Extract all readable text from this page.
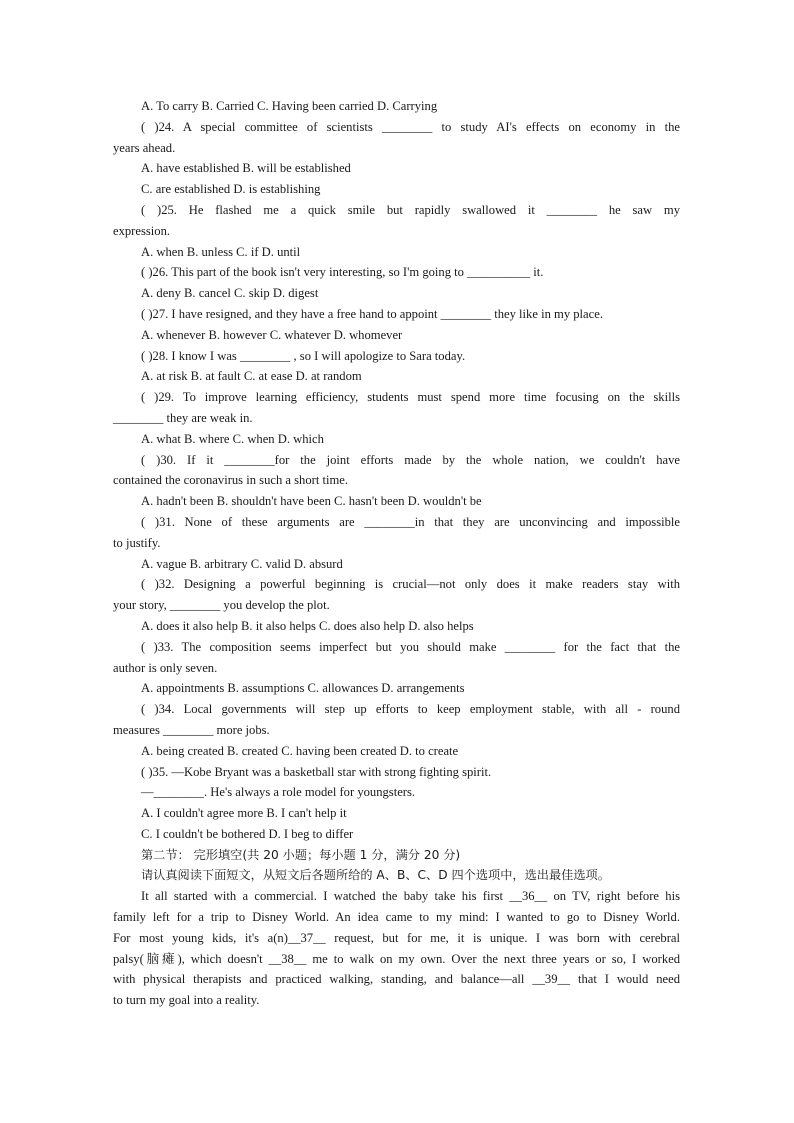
A. To carry B. Carried C. Having been carried D. Carrying
( )24. A special committee of scientists ________ to study AI's effects on economy in the
years ahead.
A. have established B. will be established
C. are established D. is establishing
( )25. He flashed me a quick smile but rapidly swallowed it ________ he saw my
expression.
A. when B. unless C. if D. until
( )26. This part of the book isn't very interesting, so I'm going to __________ it.
A. deny B. cancel C. skip D. digest
( )27. I have resigned, and they have a free hand to appoint ________ they like in my place.
A. whenever B. however C. whatever D. whomever
( )28. I know I was ________ , so I will apologize to Sara today.
A. at risk B. at fault C. at ease D. at random
( )29. To improve learning efficiency, students must spend more time focusing on the skills
________ they are weak in.
A. what B. where C. when D. which
( )30. If it ________for the joint efforts made by the whole nation, we couldn't have
contained the coronavirus in such a short time.
A. hadn't been B. shouldn't have been C. hasn't been D. wouldn't be
( )31. None of these arguments are ________in that they are unconvincing and impossible
to justify.
A. vague B. arbitrary C. valid D. absurd
( )32. Designing a powerful beginning is crucial—not only does it make readers stay with
your story, ________ you develop the plot.
A. does it also help B. it also helps C. does also help D. also helps
( )33. The composition seems imperfect but you should make ________ for the fact that the
author is only seven.
A. appointments B. assumptions C. allowances D. arrangements
( )34. Local governments will step up efforts to keep employment stable, with all - round
measures ________ more jobs.
A. being created B. created C. having been created D. to create
( )35. —Kobe Bryant was a basketball star with strong fighting spirit.
—________. He's always a role model for youngsters.
A. I couldn't agree more B. I can't help it
C. I couldn't be bothered D. I beg to differ
第二节： 完形填空(共 20 小题；每小题 1 分，满分 20 分)
请认真阅读下面短文，从短文后各题所给的 A、B、C、D 四个选项中，选出最佳选项。
It all started with a commercial. I watched the baby take his first __36__ on TV, right before his
family left for a trip to Disney World. An idea came to my mind: I wanted to go to Disney World.
For most young kids, it's a(n)__37__ request, but for me, it is unique. I was born with cerebral
palsy(脑瘫), which doesn't __38__ me to walk on my own. Over the next three years or so, I worked
with physical therapists and practiced walking, standing, and balance—all __39__ that I would need
to turn my goal into a reality.
